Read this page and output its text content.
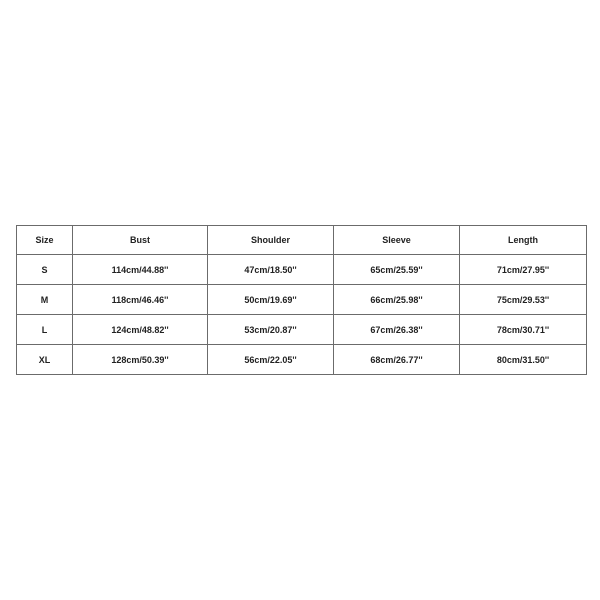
Size	Bust	Shoulder	Sleeve	Length
S	114cm/44.88''	47cm/18.50''	65cm/25.59''	71cm/27.95''
M	118cm/46.46''	50cm/19.69''	66cm/25.98''	75cm/29.53''
L	124cm/48.82''	53cm/20.87''	67cm/26.38''	78cm/30.71''
XL	128cm/50.39''	56cm/22.05''	68cm/26.77''	80cm/31.50''
